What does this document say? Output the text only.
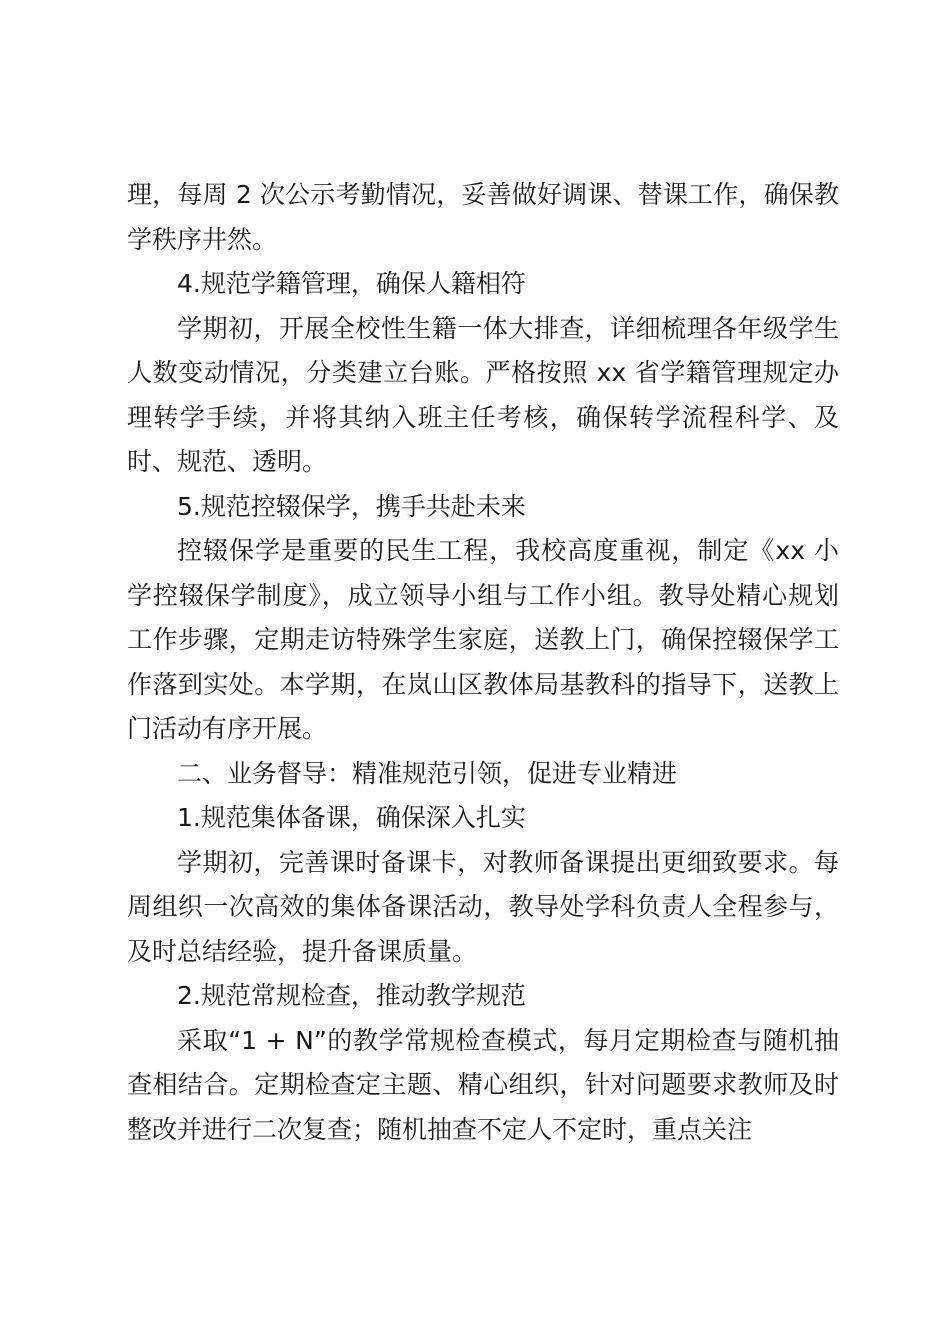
理，每周 2 次公示考勤情况，妥善做好调课、替课工作，确保教学秩序井然。

4.规范学籍管理，确保人籍相符

学期初，开展全校性生籍一体大排查，详细梳理各年级学生人数变动情况，分类建立台账。严格按照 xx 省学籍管理规定办理转学手续，并将其纳入班主任考核，确保转学流程科学、及时、规范、透明。

5.规范控辍保学，携手共赴未来

控辍保学是重要的民生工程，我校高度重视，制定《xx 小学控辍保学制度》，成立领导小组与工作小组。教导处精心规划工作步骤，定期走访特殊学生家庭，送教上门，确保控辍保学工作落到实处。本学期，在岚山区教体局基教科的指导下，送教上门活动有序开展。

二、业务督导：精准规范引领，促进专业精进

1.规范集体备课，确保深入扎实

学期初，完善课时备课卡，对教师备课提出更细致要求。每周组织一次高效的集体备课活动，教导处学科负责人全程参与，及时总结经验，提升备课质量。

2.规范常规检查，推动教学规范

采取“1 + N”的教学常规检查模式，每月定期检查与随机抽查相结合。定期检查定主题、精心组织，针对问题要求教师及时整改并进行二次复查；随机抽查不定人不定时，重点关注
